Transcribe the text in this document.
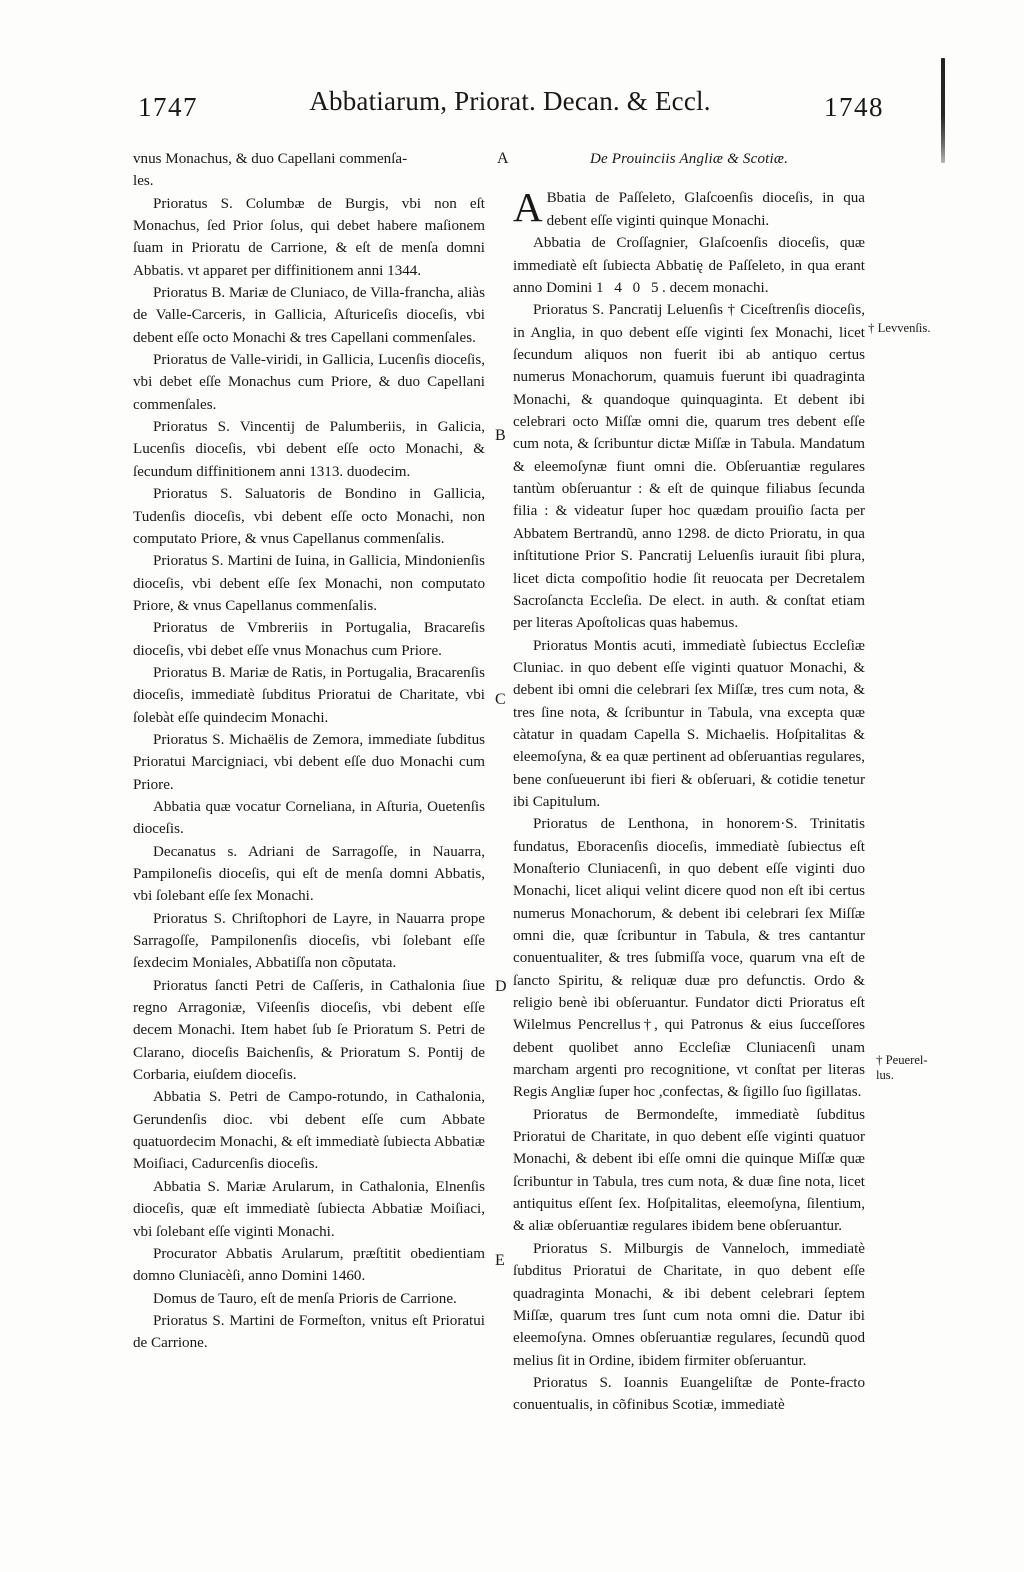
1747	Abbatiarum, Priorat. Decan. & Eccl.	1748
A
B
C
D
E
† Levvenſis.
† Peuerel-
lus.

vnus Monachus, & duo Capellani commenſa-

les.

Prioratus S. Columbæ de Burgis, vbi non eſt Monachus, ſed Prior ſolus, qui debet habere maſionem ſuam in Prioratu de Carrione, & eſt de menſa domni Abbatis. vt apparet per diffinitionem anni 1344.

Prioratus B. Mariæ de Cluniaco, de Villa-francha, aliàs de Valle-Carceris, in Gallicia, Aſturiceſis dioceſis, vbi debent eſſe octo Monachi & tres Capellani commenſales.

Prioratus de Valle-viridi, in Gallicia, Lucenſis dioceſis, vbi debet eſſe Monachus cum Priore, & duo Capellani commenſales.

Prioratus S. Vincentij de Palumberiis, in Galicia, Lucenſis dioceſis, vbi debent eſſe octo Monachi, & ſecundum diffinitionem anni 1313. duodecim.

Prioratus S. Saluatoris de Bondino in Gallicia, Tudenſis dioceſis, vbi debent eſſe octo Monachi, non computato Priore, & vnus Capellanus commenſalis.

Prioratus S. Martini de Iuina, in Gallicia, Mindonienſis dioceſis, vbi debent eſſe ſex Monachi, non computato Priore, & vnus Capellanus commenſalis.

Prioratus de Vmbreriis in Portugalia, Bracareſis dioceſis, vbi debet eſſe vnus Monachus cum Priore.

Prioratus B. Mariæ de Ratis, in Portugalia, Bracarenſis dioceſis, immediatè ſubditus Prioratui de Charitate, vbi ſolebàt eſſe quindecim Monachi.

Prioratus S. Michaëlis de Zemora, immediate ſubditus Prioratui Marcigniaci, vbi debent eſſe duo Monachi cum Priore.

Abbatia quæ vocatur Corneliana, in Aſturia, Ouetenſis dioceſis.

Decanatus s. Adriani de Sarragoſſe, in Nauarra, Pampiloneſis dioceſis, qui eſt de menſa domni Abbatis, vbi ſolebant eſſe ſex Monachi.

Prioratus S. Chriſtophori de Layre, in Nauarra prope Sarragoſſe, Pampilonenſis dioceſis, vbi ſolebant eſſe ſexdecim Moniales, Abbatiſſa non cõputata.

Prioratus ſancti Petri de Caſſeris, in Cathalonia ſiue regno Arragoniæ, Viſeenſis dioceſis, vbi debent eſſe decem Monachi. Item habet ſub ſe Prioratum S. Petri de Clarano, dioceſis Baichenſis, & Prioratum S. Pontij de Corbaria, eiuſdem dioceſis.

Abbatia S. Petri de Campo-rotundo, in Cathalonia, Gerundenſis dioc. vbi debent eſſe cum Abbate quatuordecim Monachi, & eſt immediatè ſubiecta Abbatiæ Moiſiaci, Cadurcenſis dioceſis.

Abbatia S. Mariæ Arularum, in Cathalonia, Elnenſis dioceſis, quæ eſt immediatè ſubiecta Abbatiæ Moiſiaci, vbi ſolebant eſſe viginti Monachi.

Procurator Abbatis Arularum, præſtitit obedientiam domno Cluniacèſi, anno Domini 1460.

Domus de Tauro, eſt de menſa Prioris de Carrione.

Prioratus S. Martini de Formeſton, vnitus eſt Prioratui de Carrione.

De Prouinciis Angliæ & Scotiæ.

A Bbatia de Paſſeleto, Glaſcoenſis dioceſis, in qua debent eſſe viginti quinque Monachi.

Abbatia de Croſſagnier, Glaſcoenſis dioceſis, quæ immediatè eſt ſubiecta Abbatię de Paſſeleto, in qua erant anno Domini 1 4 0 5. decem monachi.

Prioratus S. Pancratij Leluenſis † Ciceſtrenſis dioceſis, in Anglia, in quo debent eſſe viginti ſex Monachi, licet ſecundum aliquos non fuerit ibi ab antiquo certus numerus Monachorum, quamuis fuerunt ibi quadraginta Monachi, & quandoque quinquaginta. Et debent ibi celebrari octo Miſſæ omni die, quarum tres debent eſſe cum nota, & ſcribuntur dictæ Miſſæ in Tabula. Mandatum & eleemoſynæ fiunt omni die. Obſeruantiæ regulares tantùm obſeruantur : & eſt de quinque filiabus ſecunda filia : & videatur ſuper hoc quædam prouiſio ſacta per Abbatem Bertrandũ, anno 1298. de dicto Prioratu, in qua inſtitutione Prior S. Pancratij Leluenſis iurauit ſibi plura, licet dicta compoſitio hodie ſit reuocata per Decretalem Sacroſancta Eccleſia. De elect. in auth. & conſtat etiam per literas Apoſtolicas quas habemus.

Prioratus Montis acuti, immediatè ſubiectus Eccleſiæ Cluniac. in quo debent eſſe viginti quatuor Monachi, & debent ibi omni die celebrari ſex Miſſæ, tres cum nota, & tres ſine nota, & ſcribuntur in Tabula, vna excepta quæ càtatur in quadam Capella S. Michaelis. Hoſpitalitas & eleemoſyna, & ea quæ pertinent ad obſeruantias regulares, bene conſueuerunt ibi fieri & obſeruari, & cotidie tenetur ibi Capitulum.

Prioratus de Lenthona, in honorem·S. Trinitatis fundatus, Eboracenſis dioceſis, immediatè ſubiectus eſt Monaſterio Cluniacenſi, in quo debent eſſe viginti duo Monachi, licet aliqui velint dicere quod non eſt ibi certus numerus Monachorum, & debent ibi celebrari ſex Miſſæ omni die, quæ ſcribuntur in Tabula, & tres cantantur conuentualiter, & tres ſubmiſſa voce, quarum vna eſt de ſancto Spiritu, & reliquæ duæ pro defunctis. Ordo & religio benè ibi obſeruantur. Fundator dicti Prioratus eſt Wilelmus Pencrellus†, qui Patronus & eius ſucceſſores debent quolibet anno Eccleſiæ Cluniacenſi unam marcham argenti pro recognitione, vt conſtat per literas Regis Angliæ ſuper hoc ,confectas, & ſigillo ſuo ſigillatas.

Prioratus de Bermondeſte, immediatè ſubditus Prioratui de Charitate, in quo debent eſſe viginti quatuor Monachi, & debent ibi eſſe omni die quinque Miſſæ quæ ſcribuntur in Tabula, tres cum nota, & duæ ſine nota, licet antiquitus eſſent ſex. Hoſpitalitas, eleemoſyna, ſilentium, & aliæ obſeruantiæ regulares ibidem bene obſeruantur.

Prioratus S. Milburgis de Vanneloch, immediatè ſubditus Prioratui de Charitate, in quo debent eſſe quadraginta Monachi, & ibi debent celebrari ſeptem Miſſæ, quarum tres ſunt cum nota omni die. Datur ibi eleemoſyna. Omnes obſeruantiæ regulares, ſecundũ quod melius ſit in Ordine, ibidem firmiter obſeruantur.

Prioratus S. Ioannis Euangeliſtæ de Ponte-fracto conuentualis, in cõfinibus Scotiæ, immediatè
